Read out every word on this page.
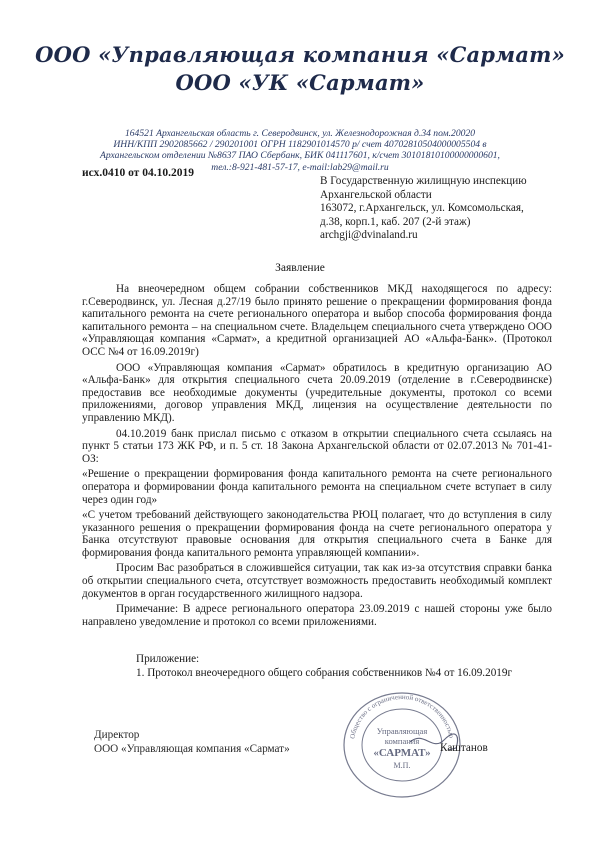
ООО «Управляющая компания «Сармат»
ООО «УК «Сармат»
164521 Архангельская область г. Северодвинск, ул. Железнодорожная д.34 пом.20020
ИНН/КПП 2902085662 / 290201001 ОГРН 1182901014570 р/ счет 40702810504000005504 в
Архангельском отделении №8637 ПАО Сбербанк, БИК 041117601, к/счет 30101810100000000601,
тел.:8-921-481-57-17, e-mail:lab29@mail.ru
исх.0410 от 04.10.2019
В Государственную жилищную инспекцию
Архангельской области
163072, г.Архангельск, ул. Комсомольская,
д.38, корп.1, каб. 207 (2-й этаж)
archgji@dvinaland.ru
Заявление

На внеочередном общем собрании собственников МКД находящегося по адресу: г.Северодвинск, ул. Лесная д.27/19 было принято решение о прекращении формирования фонда капитального ремонта на счете регионального оператора и выбор способа формирования фонда капитального ремонта – на специальном счете. Владельцем специального счета утверждено ООО «Управляющая компания «Сармат», а кредитной организацией АО «Альфа-Банк». (Протокол ОСС №4 от 16.09.2019г)

ООО «Управляющая компания «Сармат» обратилось в кредитную организацию АО «Альфа-Банк» для открытия специального счета 20.09.2019 (отделение в г.Северодвинске) предоставив все необходимые документы (учредительные документы, протокол со всеми приложениями, договор управления МКД, лицензия на осуществление деятельности по управлению МКД).

04.10.2019 банк прислал письмо с отказом в открытии специального счета ссылаясь на пункт 5 статьи 173 ЖК РФ, и п. 5 ст. 18 Закона Архангельской области от 02.07.2013 № 701-41-ОЗ:

«Решение о прекращении формирования фонда капитального ремонта на счете регионального оператора и формировании фонда капитального ремонта на специальном счете вступает в силу через один год»

«С учетом требований действующего законодательства РЮЦ полагает, что до вступления в силу указанного решения о прекращении формирования фонда на счете регионального оператора у Банка отсутствуют правовые основания для открытия специального счета в Банке для формирования фонда капитального ремонта управляющей компании».

Просим Вас разобраться в сложившейся ситуации, так как из-за отсутствия справки банка об открытии специального счета, отсутствует возможность предоставить необходимый комплект документов в орган государственного жилищного надзора.

Примечание: В адресе регионального оператора 23.09.2019 с нашей стороны уже было направлено уведомление и протокол со всеми приложениями.

Приложение:
1. Протокол внеочередного общего собрания собственников №4 от 16.09.2019г
Директор
ООО «Управляющая компания «Сармат»
Общество с ограниченной ответственностью
Управляющая
компания
«САРМАТ»
М.П.
Каштанов
